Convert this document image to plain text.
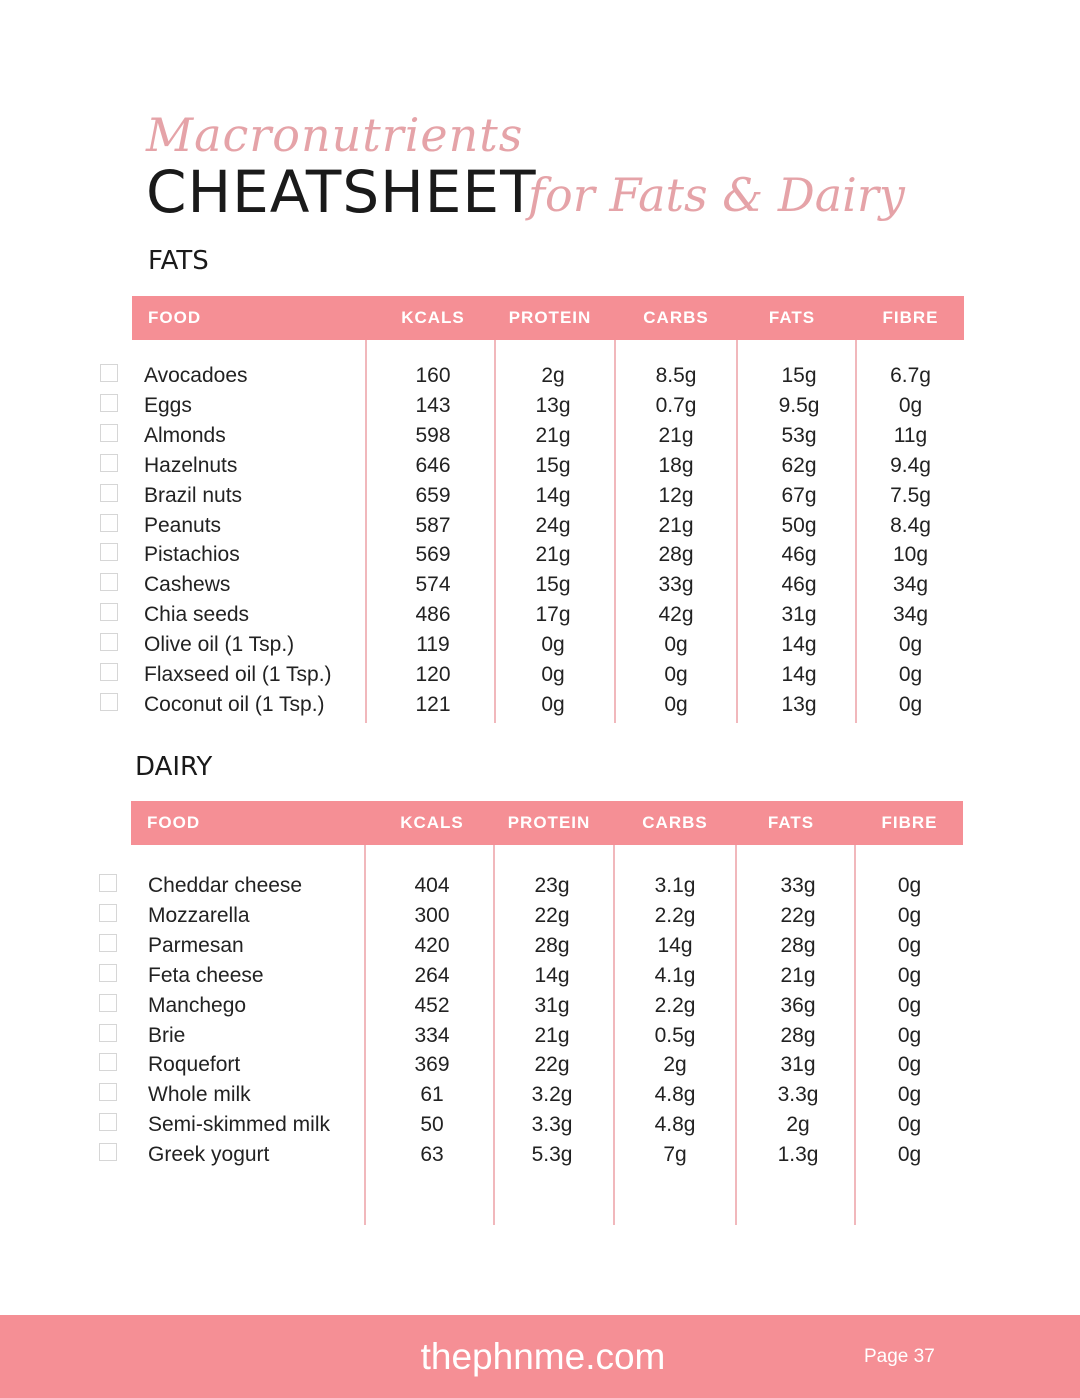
Macronutrients
CHEATSHEET
for Fats & Dairy
FATS
FOOD	KCALS	PROTEIN	CARBS	FATS	FIBRE
Avocadoes	160	2g	8.5g	15g	6.7g
Eggs	143	13g	0.7g	9.5g	0g
Almonds	598	21g	21g	53g	11g
Hazelnuts	646	15g	18g	62g	9.4g
Brazil nuts	659	14g	12g	67g	7.5g
Peanuts	587	24g	21g	50g	8.4g
Pistachios	569	21g	28g	46g	10g
Cashews	574	15g	33g	46g	34g
Chia seeds	486	17g	42g	31g	34g
Olive oil (1 Tsp.)	119	0g	0g	14g	0g
Flaxseed oil (1 Tsp.)	120	0g	0g	14g	0g
Coconut oil (1 Tsp.)	121	0g	0g	13g	0g
DAIRY
FOOD	KCALS	PROTEIN	CARBS	FATS	FIBRE
Cheddar cheese	404	23g	3.1g	33g	0g
Mozzarella	300	22g	2.2g	22g	0g
Parmesan	420	28g	14g	28g	0g
Feta cheese	264	14g	4.1g	21g	0g
Manchego	452	31g	2.2g	36g	0g
Brie	334	21g	0.5g	28g	0g
Roquefort	369	22g	2g	31g	0g
Whole milk	61	3.2g	4.8g	3.3g	0g
Semi-skimmed milk	50	3.3g	4.8g	2g	0g
Greek yogurt	63	5.3g	7g	1.3g	0g
thephnme.com	Page 37
